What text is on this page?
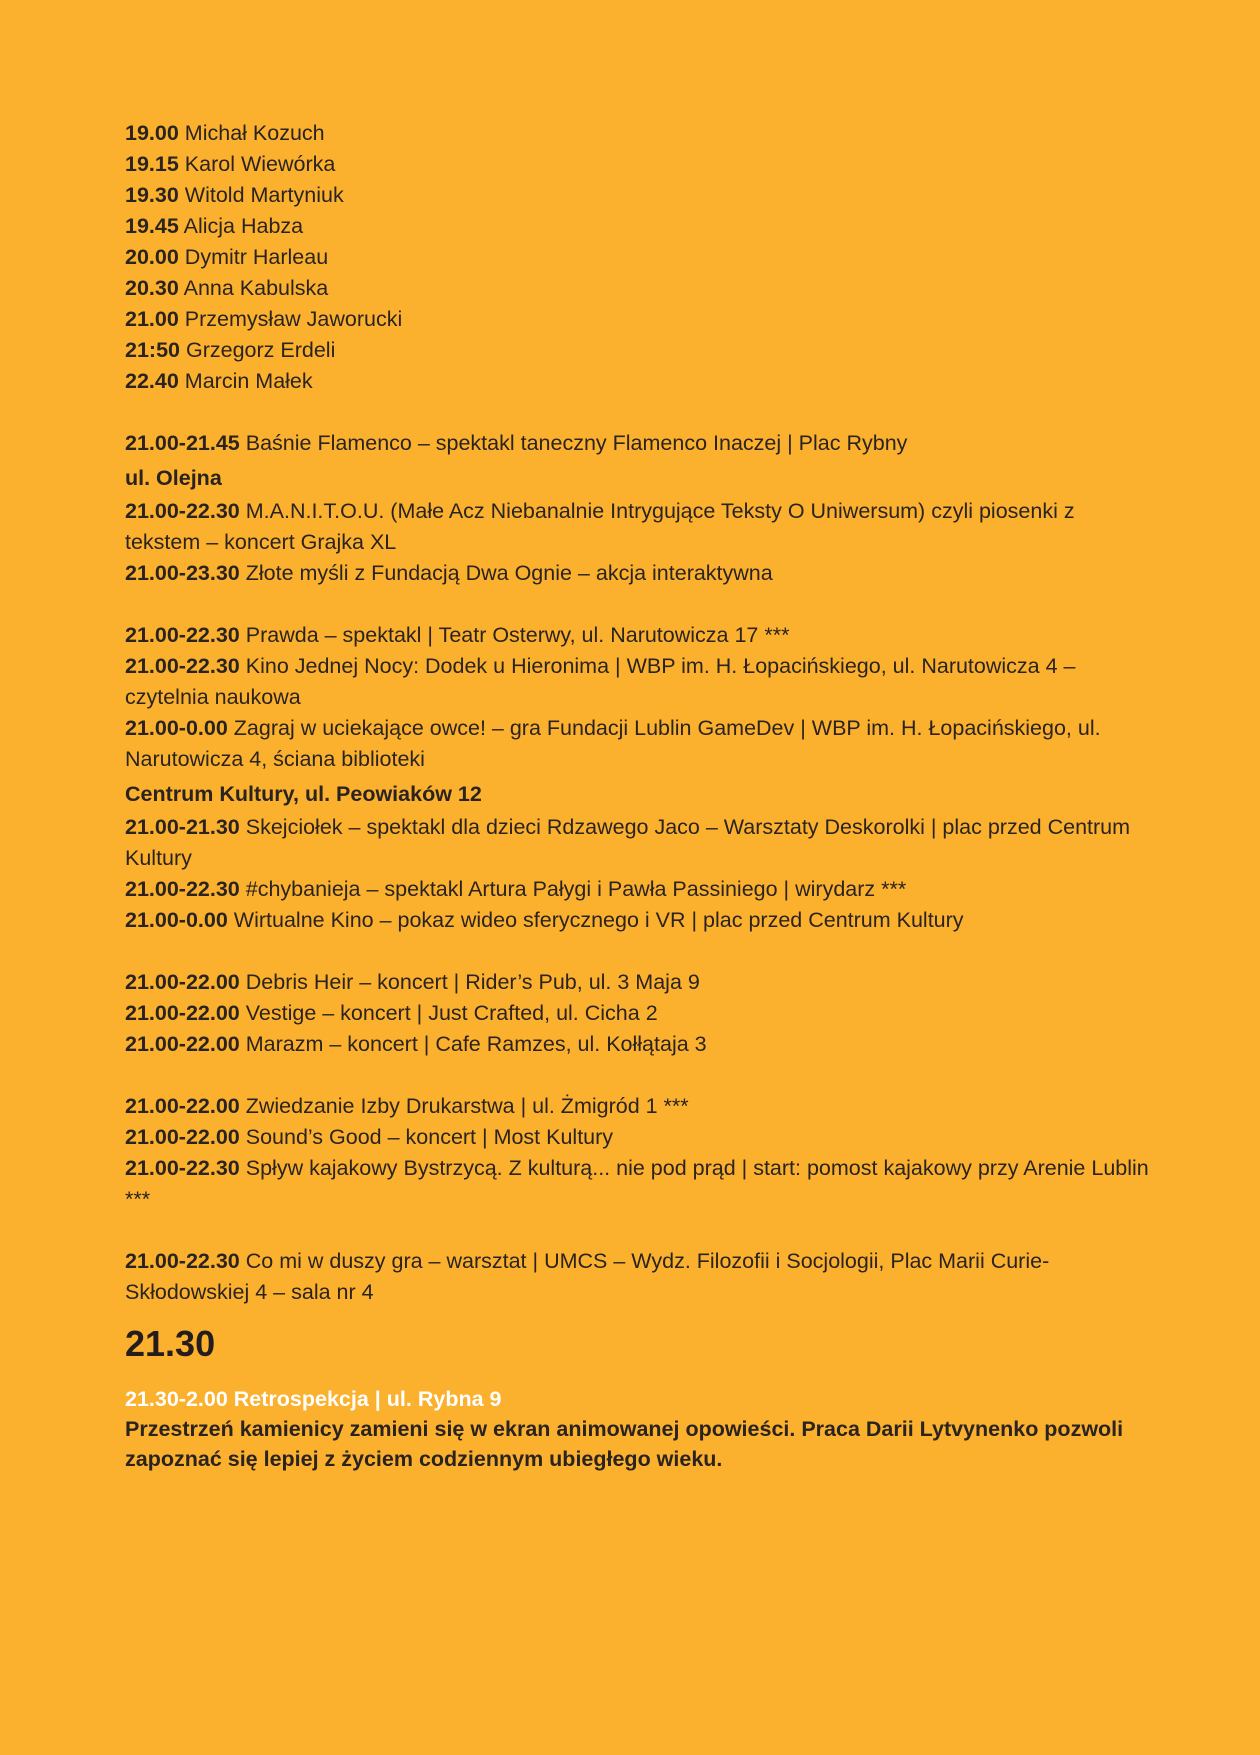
19.00 Michał Kozuch

19.15 Karol Wiewórka

19.30 Witold Martyniuk

19.45 Alicja Habza

20.00 Dymitr Harleau

20.30 Anna Kabulska

21.00 Przemysław Jaworucki

21:50 Grzegorz Erdeli

22.40 Marcin Małek

21.00-21.45 Baśnie Flamenco – spektakl taneczny Flamenco Inaczej | Plac Rybny

ul. Olejna

21.00-22.30 M.A.N.I.T.O.U. (Małe Acz Niebanalnie Intrygujące Teksty O Uniwersum) czyli piosenki z tekstem – koncert Grajka XL

21.00-23.30 Złote myśli z Fundacją Dwa Ognie – akcja interaktywna

21.00-22.30 Prawda – spektakl | Teatr Osterwy, ul. Narutowicza 17 ***

21.00-22.30 Kino Jednej Nocy: Dodek u Hieronima | WBP im. H. Łopacińskiego, ul. Narutowicza 4 – czytelnia naukowa

21.00-0.00 Zagraj w uciekające owce! – gra Fundacji Lublin GameDev | WBP im. H. Łopacińskiego, ul. Narutowicza 4, ściana biblioteki

Centrum Kultury, ul. Peowiaków 12

21.00-21.30 Skejciołek – spektakl dla dzieci Rdzawego Jaco – Warsztaty Deskorolki | plac przed Centrum Kultury

21.00-22.30 #chybanieja – spektakl Artura Pałygi i Pawła Passiniego | wirydarz ***

21.00-0.00 Wirtualne Kino – pokaz wideo sferycznego i VR | plac przed Centrum Kultury

21.00-22.00 Debris Heir – koncert | Rider’s Pub, ul. 3 Maja 9

21.00-22.00 Vestige – koncert | Just Crafted, ul. Cicha 2

21.00-22.00 Marazm – koncert | Cafe Ramzes, ul. Kołłątaja 3

21.00-22.00 Zwiedzanie Izby Drukarstwa | ul. Żmigród 1 ***

21.00-22.00 Sound’s Good – koncert | Most Kultury

21.00-22.30 Spływ kajakowy Bystrzycą. Z kulturą... nie pod prąd | start: pomost kajakowy przy Arenie Lublin ***

21.00-22.30 Co mi w duszy gra – warsztat | UMCS – Wydz. Filozofii i Socjologii, Plac Marii Curie-Skłodowskiej 4 – sala nr 4

21.30

21.30-2.00 Retrospekcja | ul. Rybna 9

Przestrzeń kamienicy zamieni się w ekran animowanej opowieści. Praca Darii Lytvynenko pozwoli zapoznać się lepiej z życiem codziennym ubiegłego wieku.
